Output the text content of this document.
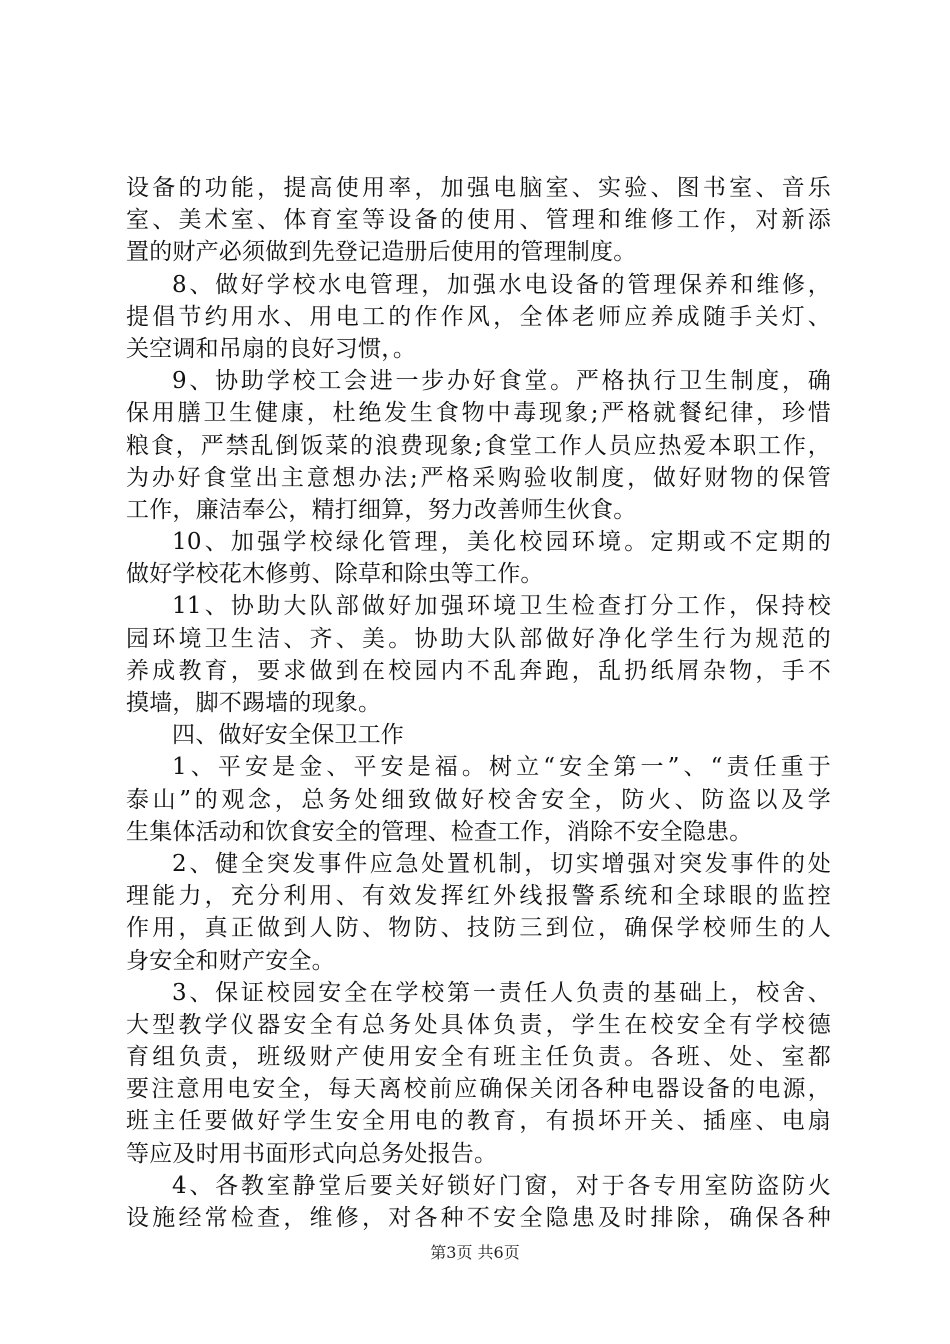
设备的功能，提高使用率，加强电脑室、实验、图书室、音乐
室、美术室、体育室等设备的使用、管理和维修工作，对新添
置的财产必须做到先登记造册后使用的管理制度。
8、做好学校水电管理，加强水电设备的管理保养和维修，
提倡节约用水、用电工的作作风，全体老师应养成随手关灯、
关空调和吊扇的良好习惯，。
9、协助学校工会进一步办好食堂。严格执行卫生制度，确
保用膳卫生健康，杜绝发生食物中毒现象;严格就餐纪律，珍惜
粮食，严禁乱倒饭菜的浪费现象;食堂工作人员应热爱本职工作，
为办好食堂出主意想办法;严格采购验收制度，做好财物的保管
工作，廉洁奉公，精打细算，努力改善师生伙食。
10、加强学校绿化管理，美化校园环境。定期或不定期的
做好学校花木修剪、除草和除虫等工作。
11、协助大队部做好加强环境卫生检查打分工作，保持校
园环境卫生洁、齐、美。协助大队部做好净化学生行为规范的
养成教育，要求做到在校园内不乱奔跑，乱扔纸屑杂物，手不
摸墙，脚不踢墙的现象。
四、做好安全保卫工作
1、平安是金、平安是福。树立“安全第一”、“责任重于
泰山”的观念，总务处细致做好校舍安全，防火、防盗以及学
生集体活动和饮食安全的管理、检查工作，消除不安全隐患。
2、健全突发事件应急处置机制，切实增强对突发事件的处
理能力，充分利用、有效发挥红外线报警系统和全球眼的监控
作用，真正做到人防、物防、技防三到位，确保学校师生的人
身安全和财产安全。
3、保证校园安全在学校第一责任人负责的基础上，校舍、
大型教学仪器安全有总务处具体负责，学生在校安全有学校德
育组负责，班级财产使用安全有班主任负责。各班、处、室都
要注意用电安全，每天离校前应确保关闭各种电器设备的电源，
班主任要做好学生安全用电的教育，有损坏开关、插座、电扇
等应及时用书面形式向总务处报告。
4、各教室静堂后要关好锁好门窗，对于各专用室防盗防火
设施经常检查，维修，对各种不安全隐患及时排除，确保各种
第3页 共6页
